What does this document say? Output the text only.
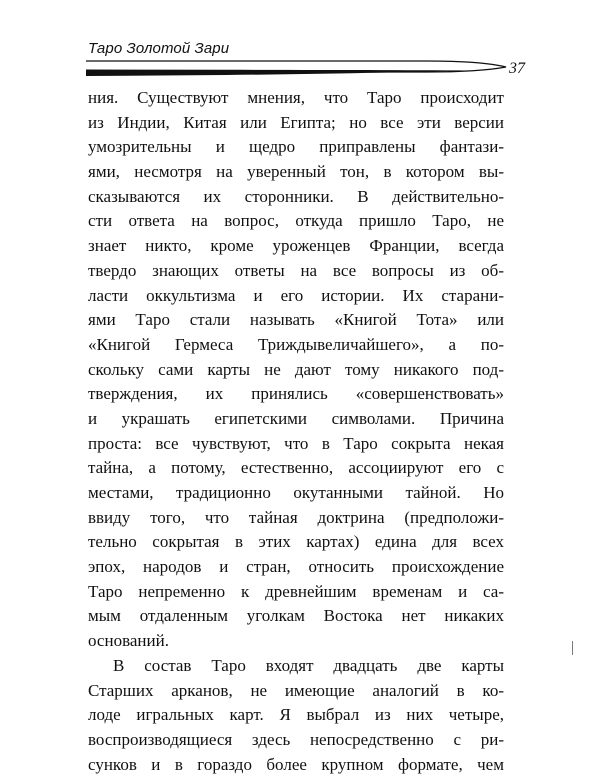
Таро Золотой Зари
37
ния. Существуют мнения, что Таро происходит
из Индии, Китая или Египта; но все эти версии
умозрительны и щедро приправлены фантази-
ями, несмотря на уверенный тон, в котором вы-
сказываются их сторонники. В действительно-
сти ответа на вопрос, откуда пришло Таро, не
знает никто, кроме уроженцев Франции, всегда
твердо знающих ответы на все вопросы из об-
ласти оккультизма и его истории. Их старани-
ями Таро стали называть «Книгой Тота» или
«Книгой Гермеса Триждывеличайшего», а по-
скольку сами карты не дают тому никакого под-
тверждения, их принялись «совершенствовать»
и украшать египетскими символами. Причина
проста: все чувствуют, что в Таро сокрыта некая
тайна, а потому, естественно, ассоциируют его с
местами, традиционно окутанными тайной. Но
ввиду того, что тайная доктрина (предположи-
тельно сокрытая в этих картах) едина для всех
эпох, народов и стран, относить происхождение
Таро непременно к древнейшим временам и са-
мым отдаленным уголкам Востока нет никаких
оснований.
В состав Таро входят двадцать две карты
Старших арканов, не имеющие аналогий в ко-
лоде игральных карт. Я выбрал из них четыре,
воспроизводящиеся здесь непосредственно с ри-
сунков и в гораздо более крупном формате, чем
